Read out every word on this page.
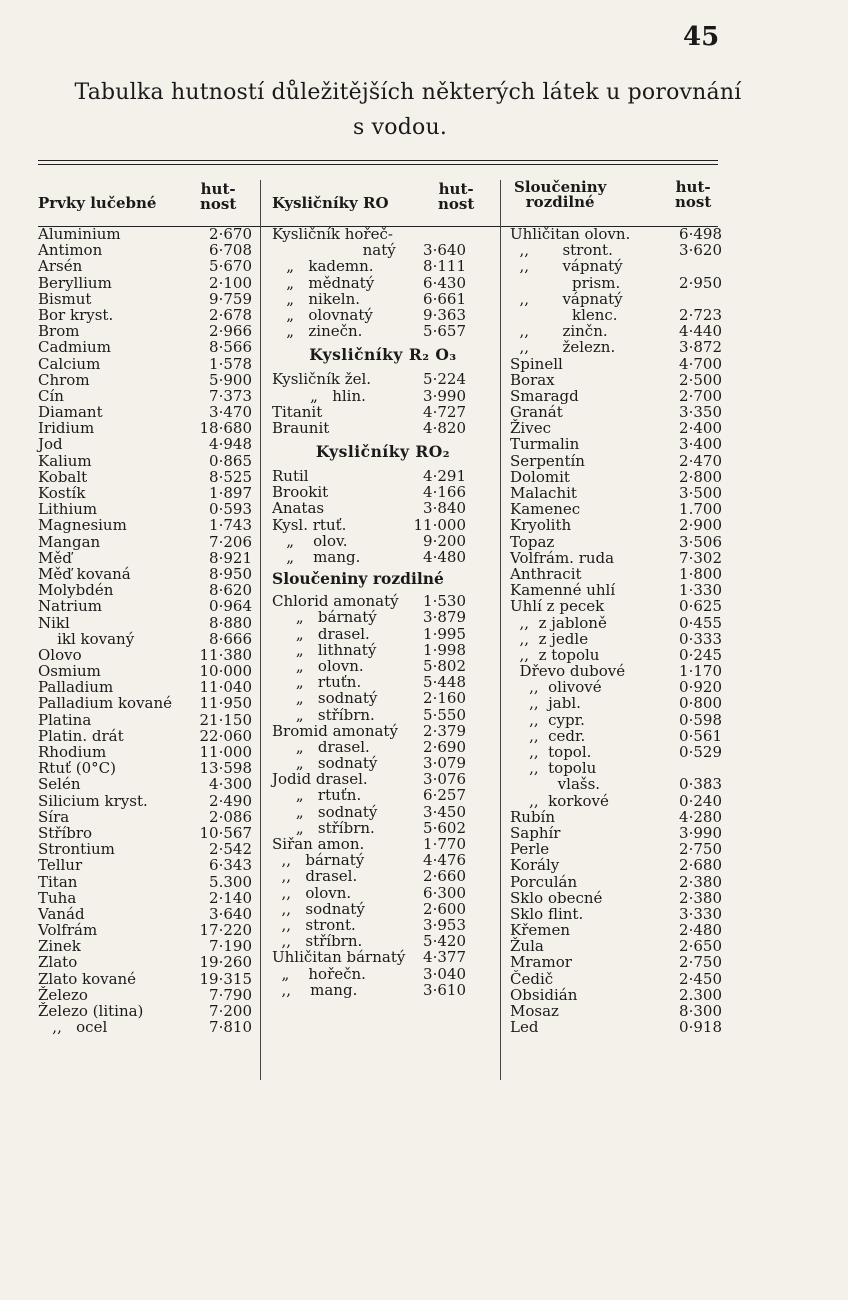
45
Tabulka hutností důležitějších některých látek u porovnání
s vodou.
Prvky lučebné
hut-
nost
Aluminium	2·670
Antimon	6·708
Arsén	5·670
Beryllium	2·100
Bismut	9·759
Bor kryst.	2·678
Brom	2·966
Cadmium	8·566
Calcium	1·578
Chrom	5·900
Cín	7·373
Diamant	3·470
Iridium	18·680
Jod	4·948
Kalium	0·865
Kobalt	8·525
Kostík	1·897
Lithium	0·593
Magnesium	1·743
Mangan	7·206
Měď	8·921
Měď kovaná	8·950
Molybdén	8·620
Natrium	0·964
Nikl	8·880
ikl kovaný	8·666
Olovo	11·380
Osmium	10·000
Palladium	11·040
Palladium kované 11·950
Platina	21·150
Platin. drát	22·060
Rhodium	11·000
Rtuť (0°C)	13·598
Selén	4·300
Silicium kryst.	2·490
Síra	2·086
Stříbro	10·567
Strontium	2·542
Tellur	6·343
Titan	5.300
Tuha	2·140
Vanád	3·640
Volfrám	17·220
Zinek	7·190
Zlato	19·260
Zlato kované	19·315
Železo	7·790
Železo (litina)	7·200
,,   ocel	7·810
Kysličníky RO
hut-
nost
Kysličník hořeč-
natý 3·640
„   kademn.	8·111
„   mědnatý	6·430
„   nikeln.	6·661
„   olovnatý	9·363
„   zinečn.	5·657
Kysličníky R₂ O₃
Kysličník žel.	5·224
„   hlin.	3·990
Titanit	4·727
Braunit	4·820
Kysličníky RO₂
Rutil	4·291
Brookit	4·166
Anatas	3·840
Kysl. rtuť.	11·000
„    olov.	9·200
„    mang.	4·480
Sloučeniny rozdilné
Chlorid amonatý 1·530
„   bárnatý	3·879
„   drasel.	1·995
„   lithnatý	1·998
„   olovn.	5·802
„   rtuťn.	5·448
„   sodnatý	2·160
„   stříbrn.	5·550
Bromid amonatý 2·379
„   drasel.	2·690
„   sodnatý	3·079
Jodid drasel.	3·076
„   rtuťn.	6·257
„   sodnatý	3·450
„   stříbrn.	5·602
Siřan amon.	1·770
,,   bárnatý	4·476
,,   drasel.	2·660
,,   olovn.	6·300
,,   sodnatý	2·600
,,   stront.	3·953
,,   stříbrn.	5·420
Uhličitan bárnatý 4·377
„    hořečn.	3·040
,,    mang.	3·610
Sloučeniny
rozdilné
hut-
nost
Uhličitan olovn.	6·498
,,       stront.	3·620
,,       vápnatý
prism.	2·950
,,       vápnatý
klenc.	2·723
,,       zinčn.	4·440
,,       železn.	3·872
Spinell	4·700
Borax	2·500
Smaragd	2·700
Granát	3·350
Živec	2·400
Turmalin	3·400
Serpentín	2·470
Dolomit	2·800
Malachit	3·500
Kamenec	1.700
Kryolith	2·900
Topaz	3·506
Volfrám. ruda	7·302
Anthracit	1·800
Kamenné uhlí	1·330
Uhlí z pecek	0·625
,,  z jabloně	0·455
,,  z jedle	0·333
,,  z topolu	0·245
Dřevo dubové	1·170
,,  olivové	0·920
,,  jabl.	0·800
,,  cypr.	0·598
,,  cedr.	0·561
,,  topol.	0·529
,,  topolu
vlašs.	0·383
,,  korkové	0·240
Rubín	4·280
Saphír	3·990
Perle	2·750
Korály	2·680
Porculán	2·380
Sklo obecné	2·380
Sklo flint.	3·330
Křemen	2·480
Žula	2·650
Mramor	2·750
Čedič	2·450
Obsidián	2.300
Mosaz	8·300
Led	0·918
